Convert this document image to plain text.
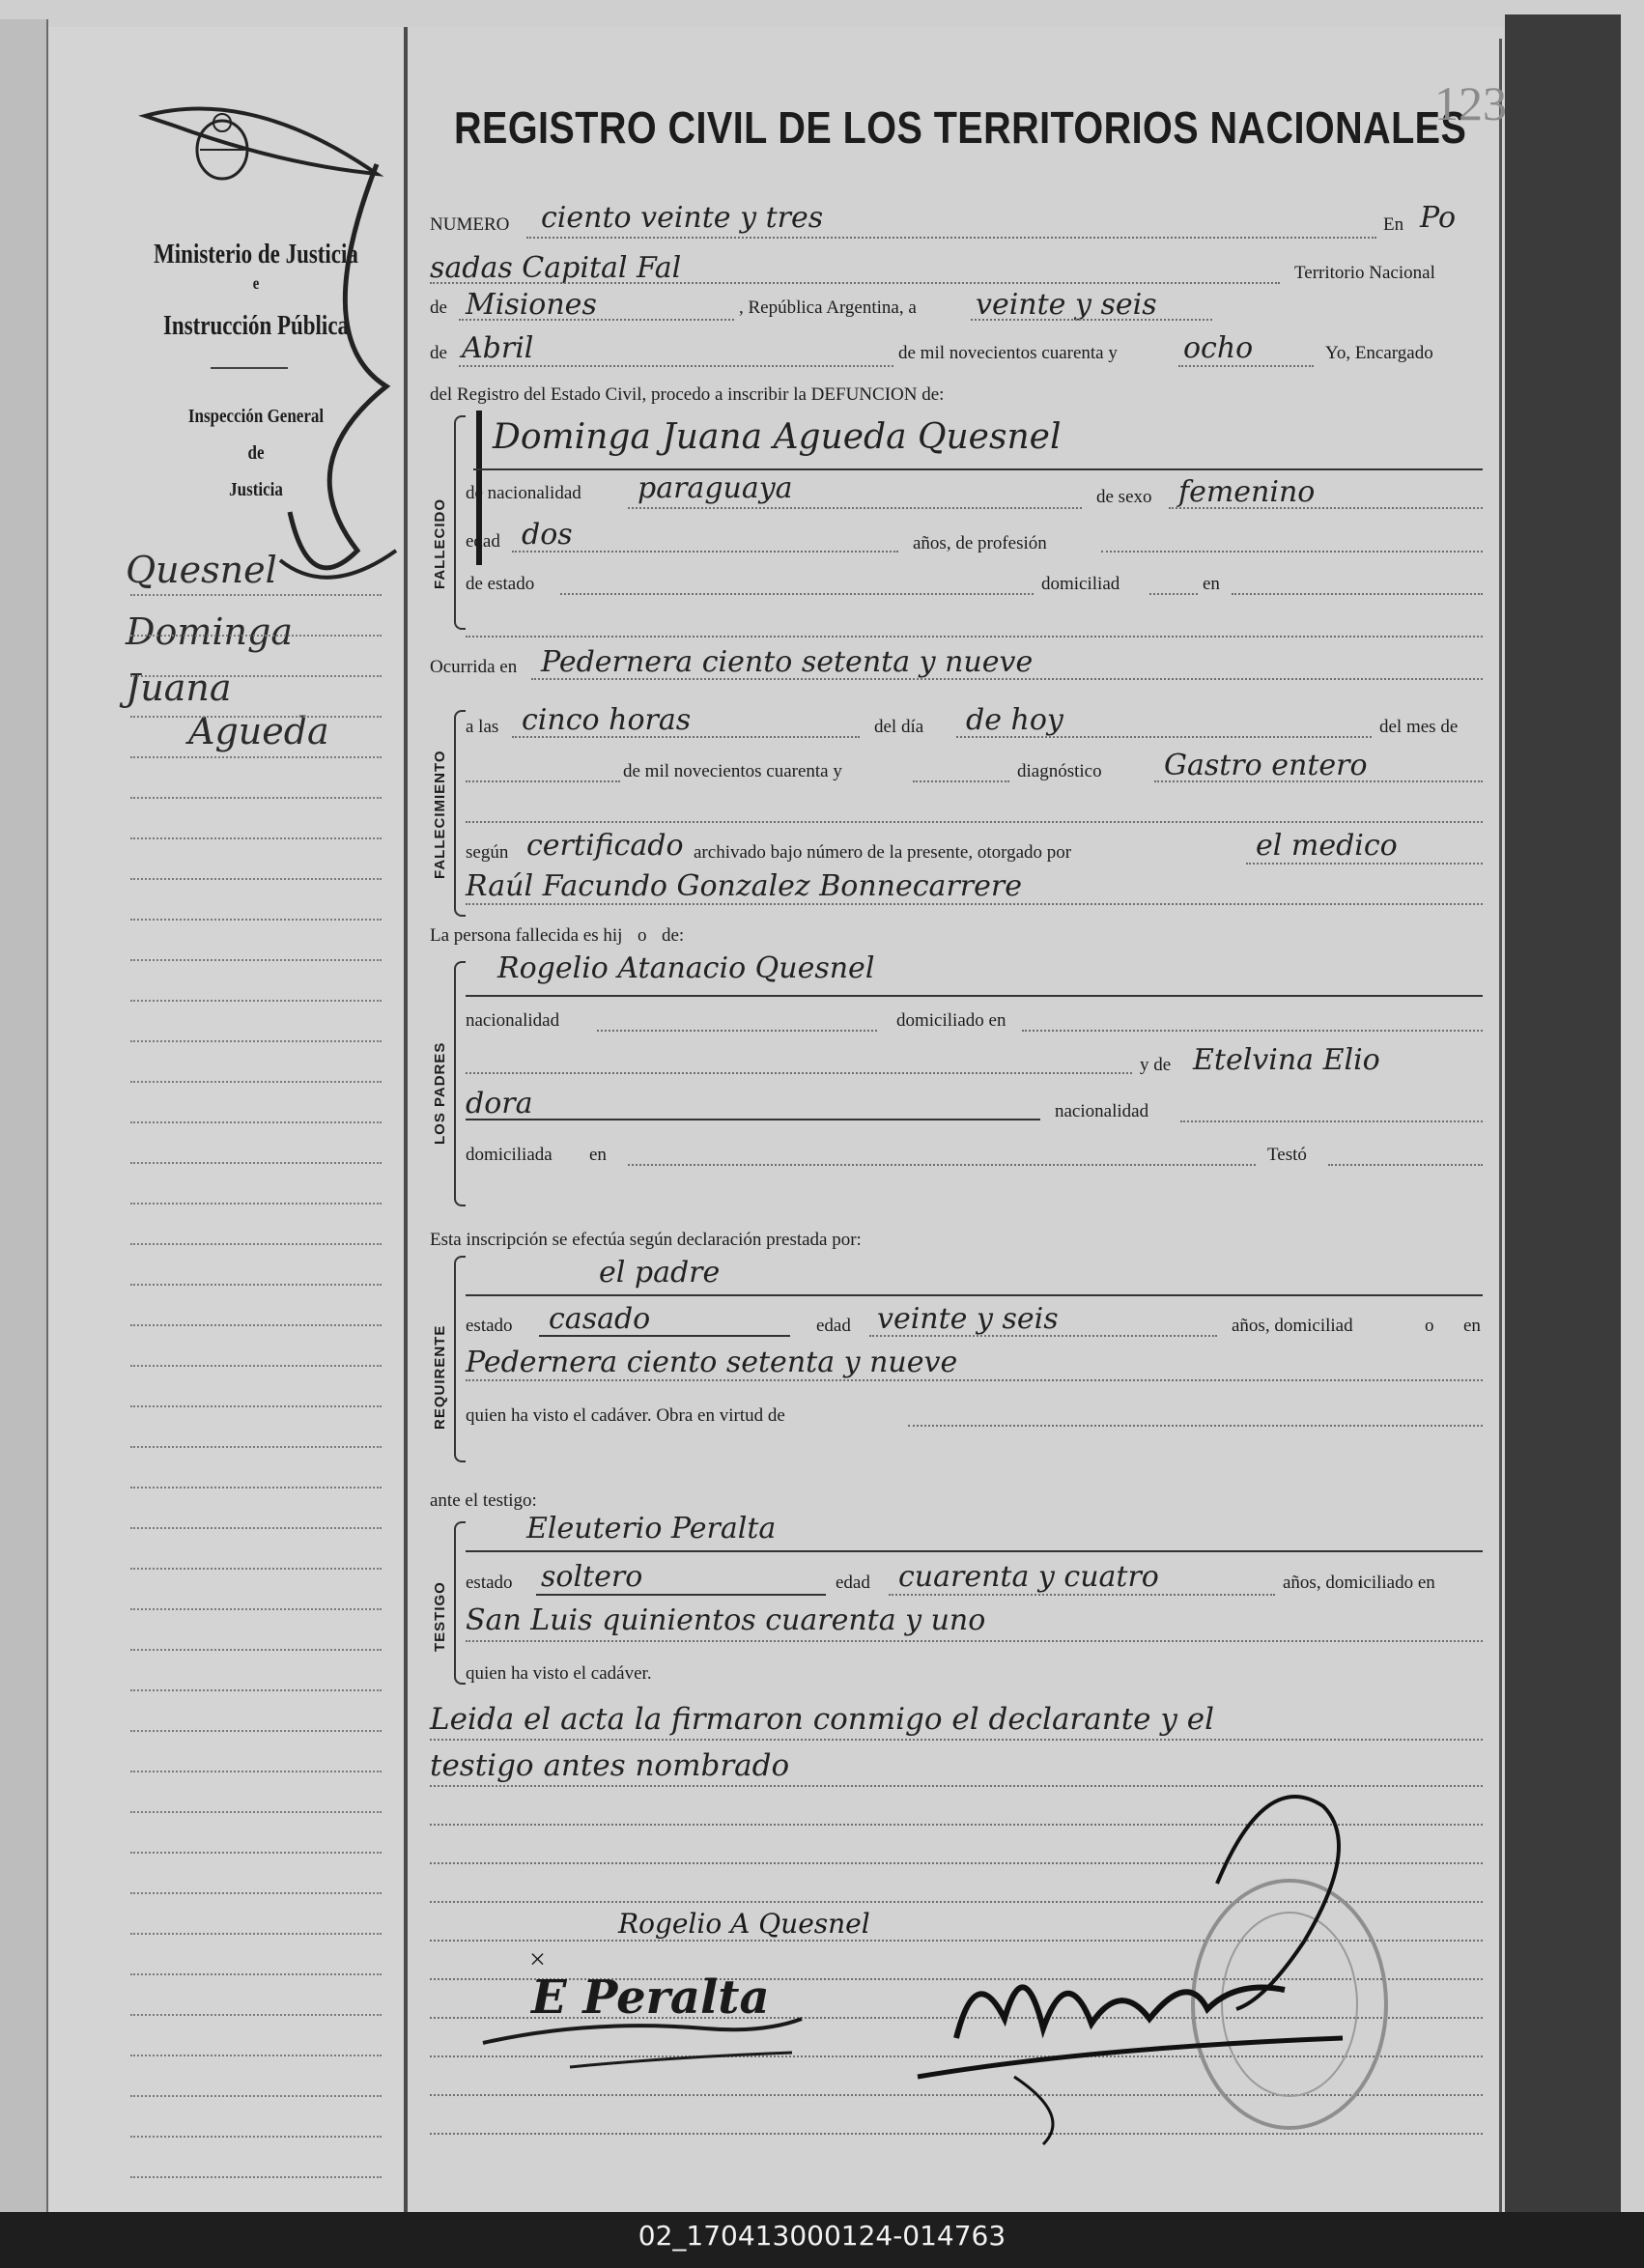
Ministerio de Justicia
e
Instrucción Pública
Inspección General
de
Justicia
Quesnel
Dominga
Juana
Agueda
REGISTRO CIVIL DE LOS TERRITORIOS NACIONALES
123
NUMERO ciento veinte y tres	En Po
sadas Capital Fal	Territorio Nacional
de Misiones	, República Argentina, a veinte y seis
de Abril	de mil novecientos cuarenta y ocho	Yo, Encargado
del Registro del Estado Civil, procedo a inscribir la DEFUNCION de:
FALLECIDO
Dominga Juana Agueda Quesnel
de nacionalidad paraguaya	de sexo femenino
edad dos	años, de profesión
de estado	domiciliad	en
Ocurrida en Pedernera ciento setenta y nueve
FALLECIMIENTO
a las cinco horas	del día de hoy	del mes de
de mil novecientos cuarenta y	diagnóstico Gastro entero
según certificado archivado bajo número de la presente, otorgado por	el medico
Raúl Facundo Gonzalez Bonnecarrere
La persona fallecida es hij o de:
LOS PADRES
Rogelio Atanacio Quesnel
nacionalidad	domiciliado en
y de Etelvina Elio
dora	nacionalidad
domiciliada en	Testó
Esta inscripción se efectúa según declaración prestada por:
REQUIRENTE
el padre
estado casado	edad veinte y seis	años, domiciliad	o en
Pedernera ciento setenta y nueve
quien ha visto el cadáver. Obra en virtud de
ante el testigo:
TESTIGO
Eleuterio Peralta
estado soltero	edad cuarenta y cuatro	años, domiciliado en
San Luis quinientos cuarenta y uno
quien ha visto el cadáver.
Leida el acta la firmaron conmigo el declarante y el
testigo antes nombrado
Rogelio A Quesnel
×
E Peralta
02_170413000124-014763
